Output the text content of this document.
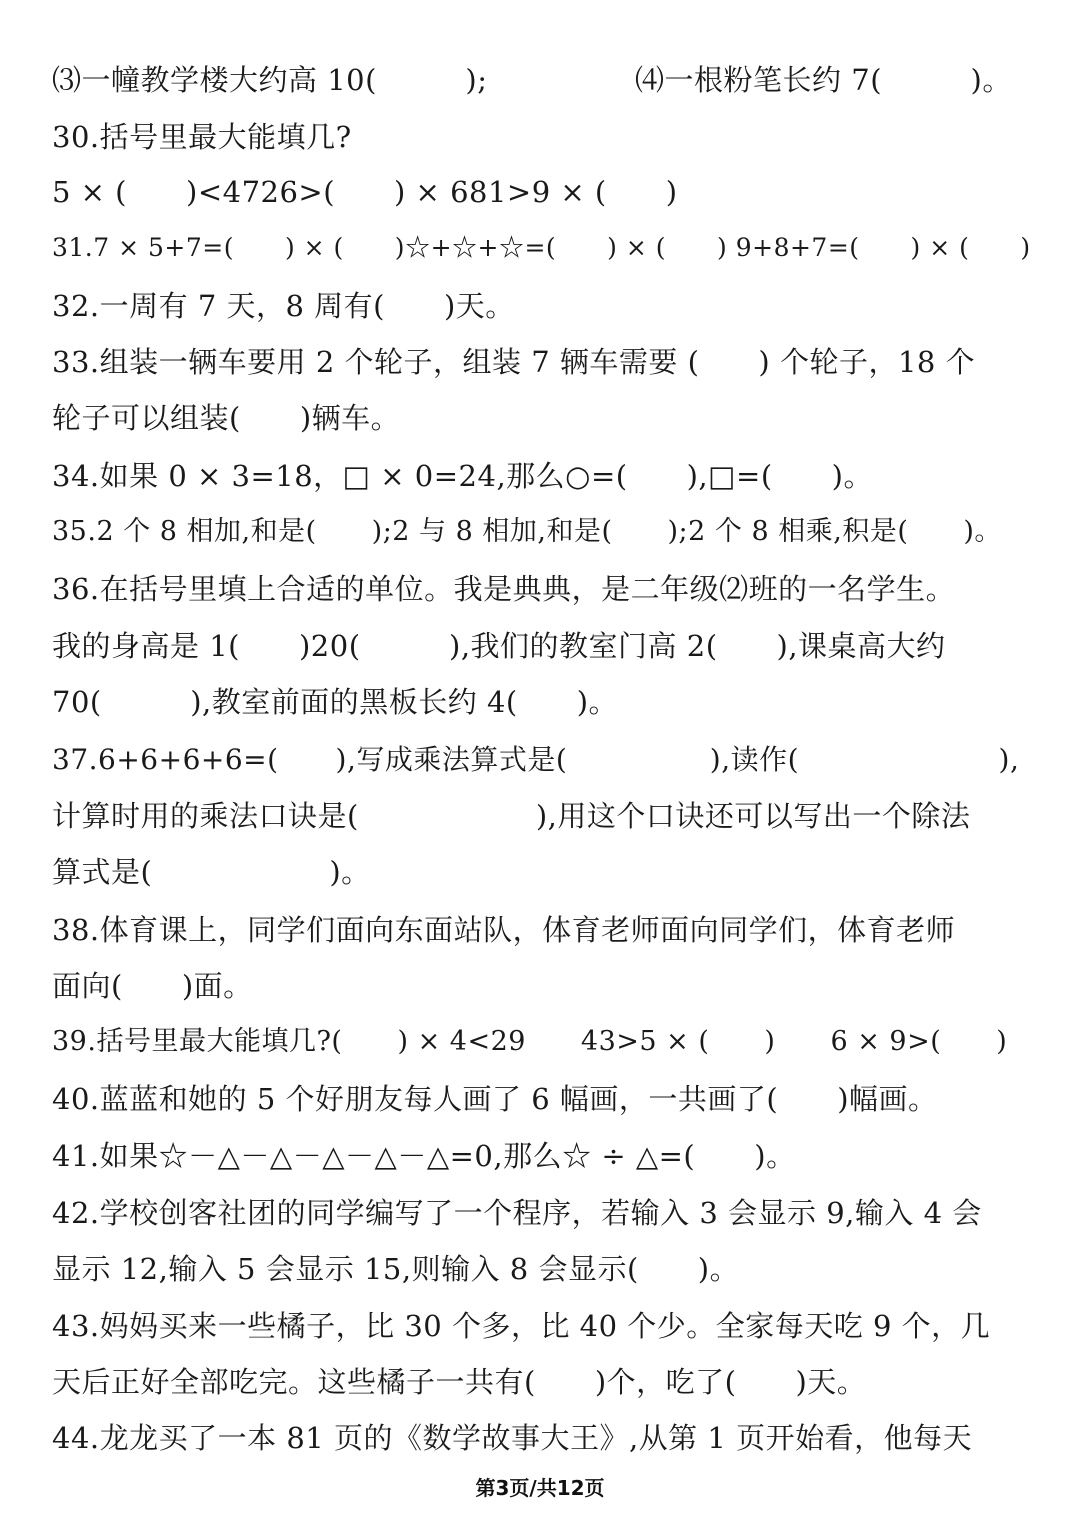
⑶一幢教学楼大约高 10(　　　);　　　　　⑷一根粉笔长约 7(　　　)。
30.括号里最大能填几?
5 × (　　)<4726>(　　) × 681>9 × (　　)
31.7 × 5+7=(　　) × (　　)☆+☆+☆=(　　) × (　　) 9+8+7=(　　) × (　　)
32.一周有 7 天，8 周有(　　)天。
33.组装一辆车要用 2 个轮子，组装 7 辆车需要 (　　) 个轮子，18 个
轮子可以组装(　　)辆车。
34.如果 0 × 3=18，□ × 0=24,那么○=(　　),□=(　　)。
35.2 个 8 相加,和是(　　);2 与 8 相加,和是(　　);2 个 8 相乘,积是(　　)。
36.在括号里填上合适的单位。我是典典，是二年级⑵班的一名学生。
我的身高是 1(　　)20(　　　),我们的教室门高 2(　　),课桌高大约
70(　　　),教室前面的黑板长约 4(　　)。
37.6+6+6+6=(　　),写成乘法算式是(　　　　　),读作(　　　　　　　),
计算时用的乘法口诀是(　　　　　　),用这个口诀还可以写出一个除法
算式是(　　　　　　)。
38.体育课上，同学们面向东面站队，体育老师面向同学们，体育老师
面向(　　)面。
39.括号里最大能填几?(　　) × 4<29　　43>5 × (　　)　　6 × 9>(　　)
40.蓝蓝和她的 5 个好朋友每人画了 6 幅画，一共画了(　　)幅画。
41.如果☆－△－△－△－△－△=0,那么☆ ÷ △=(　　)。
42.学校创客社团的同学编写了一个程序，若输入 3 会显示 9,输入 4 会
显示 12,输入 5 会显示 15,则输入 8 会显示(　　)。
43.妈妈买来一些橘子，比 30 个多，比 40 个少。全家每天吃 9 个，几
天后正好全部吃完。这些橘子一共有(　　)个，吃了(　　)天。
44.龙龙买了一本 81 页的《数学故事大王》,从第 1 页开始看，他每天
第3页/共12页
